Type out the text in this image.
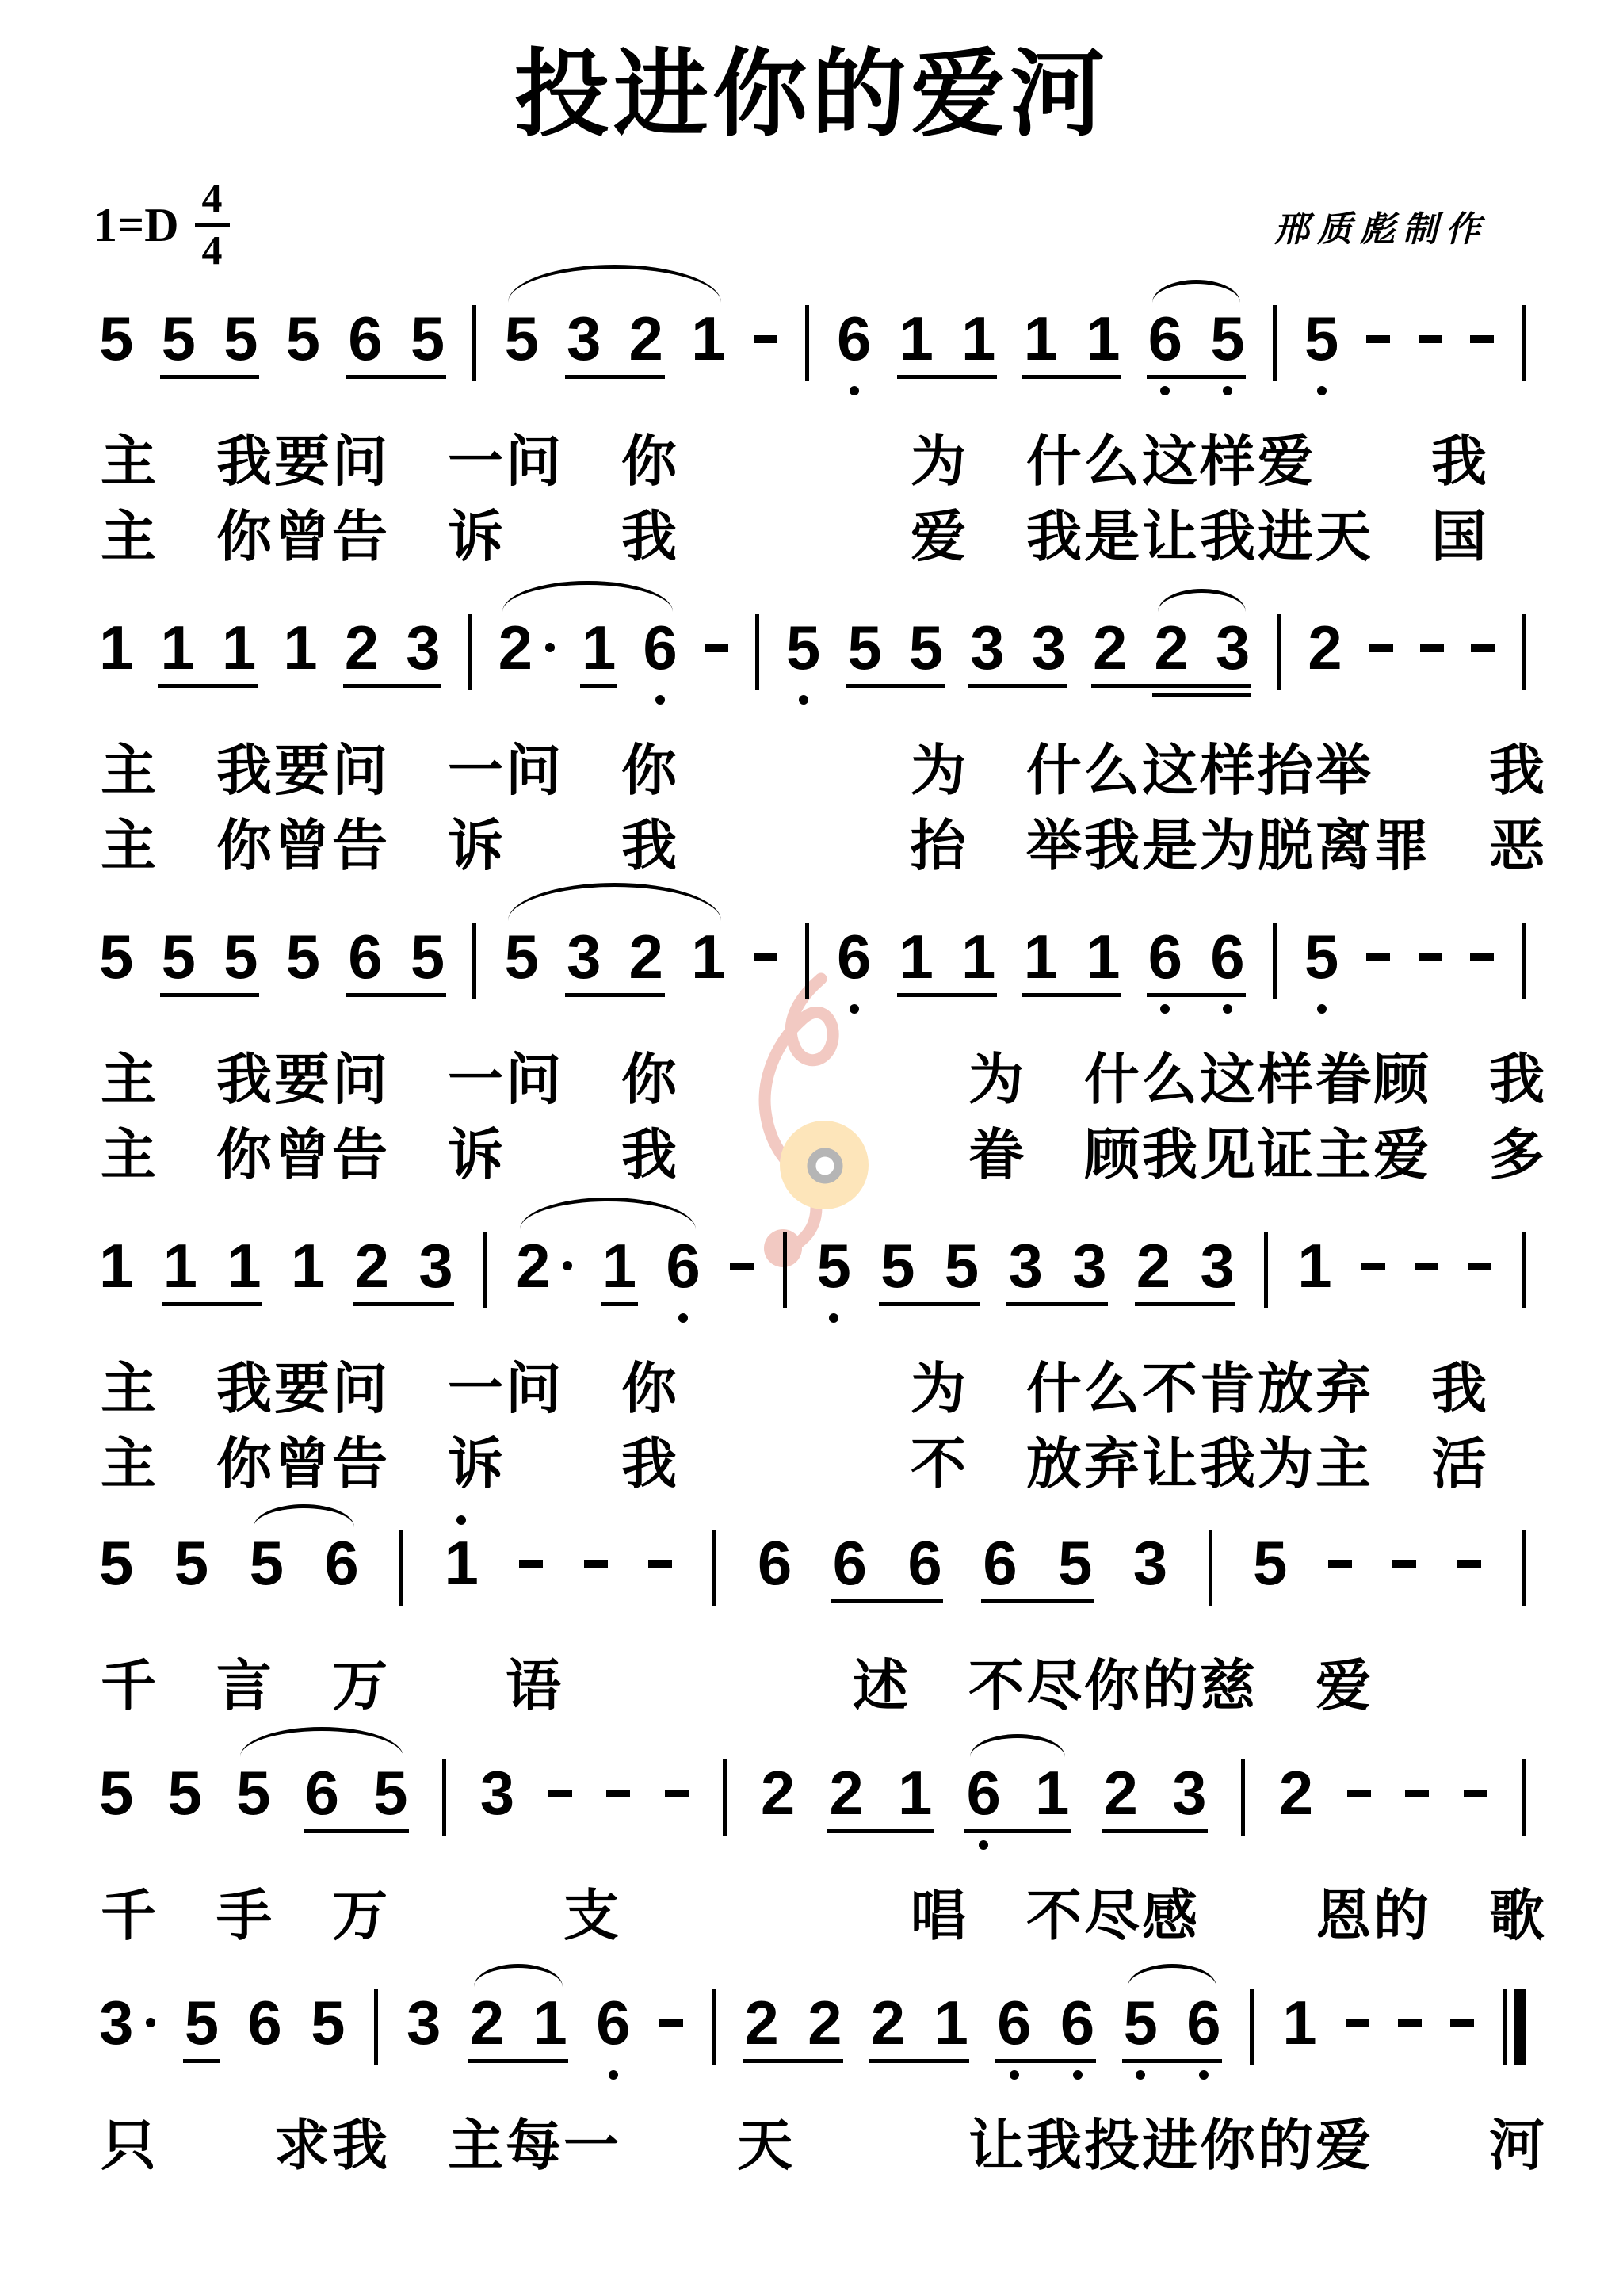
投进你的爱河
1=D 4
4	邢质彪制作
5 5 5 5 6 5 5 3 2 1 6 1 1 1 1 6 5 5
主　我要问　一问　你　　　　为　什么这样爱　　我
主　你曾告　诉　　我　　　　爱　我是让我进天　国
1 1 1 1 2 3 2 1 6 5 5 5 3 3 2 2 3 2
主　我要问　一问　你　　　　为　什么这样抬举　　我
主　你曾告　诉　　我　　　　抬　举我是为脱离罪　恶
5 5 5 5 6 5 5 3 2 1 6 1 1 1 1 6 6 5
主　我要问　一问　你　　　　　为　什么这样眷顾　我
主　你曾告　诉　　我　　　　　眷　顾我见证主爱　多
1 1 1 1 2 3 2 1 6 5 5 5 3 3 2 3 1
主　我要问　一问　你　　　　为　什么不肯放弃　我
主　你曾告　诉　　我　　　　不　放弃让我为主　活
5 5 5 6 1	6 6 6 6 5 3 5
千　言　万　　语　　　　　述　不尽你的慈　爱
5 5 5 6 5 3	2 2 1 6 1 2 3 2
千　手　万　　　支　　　　　唱　不尽感　　恩的　歌
3 5 6 5 3 2 1 6 2 2 2 1 6 6 5 6 1
只　　求我　主每一　　天　　　让我投进你的爱　　河
